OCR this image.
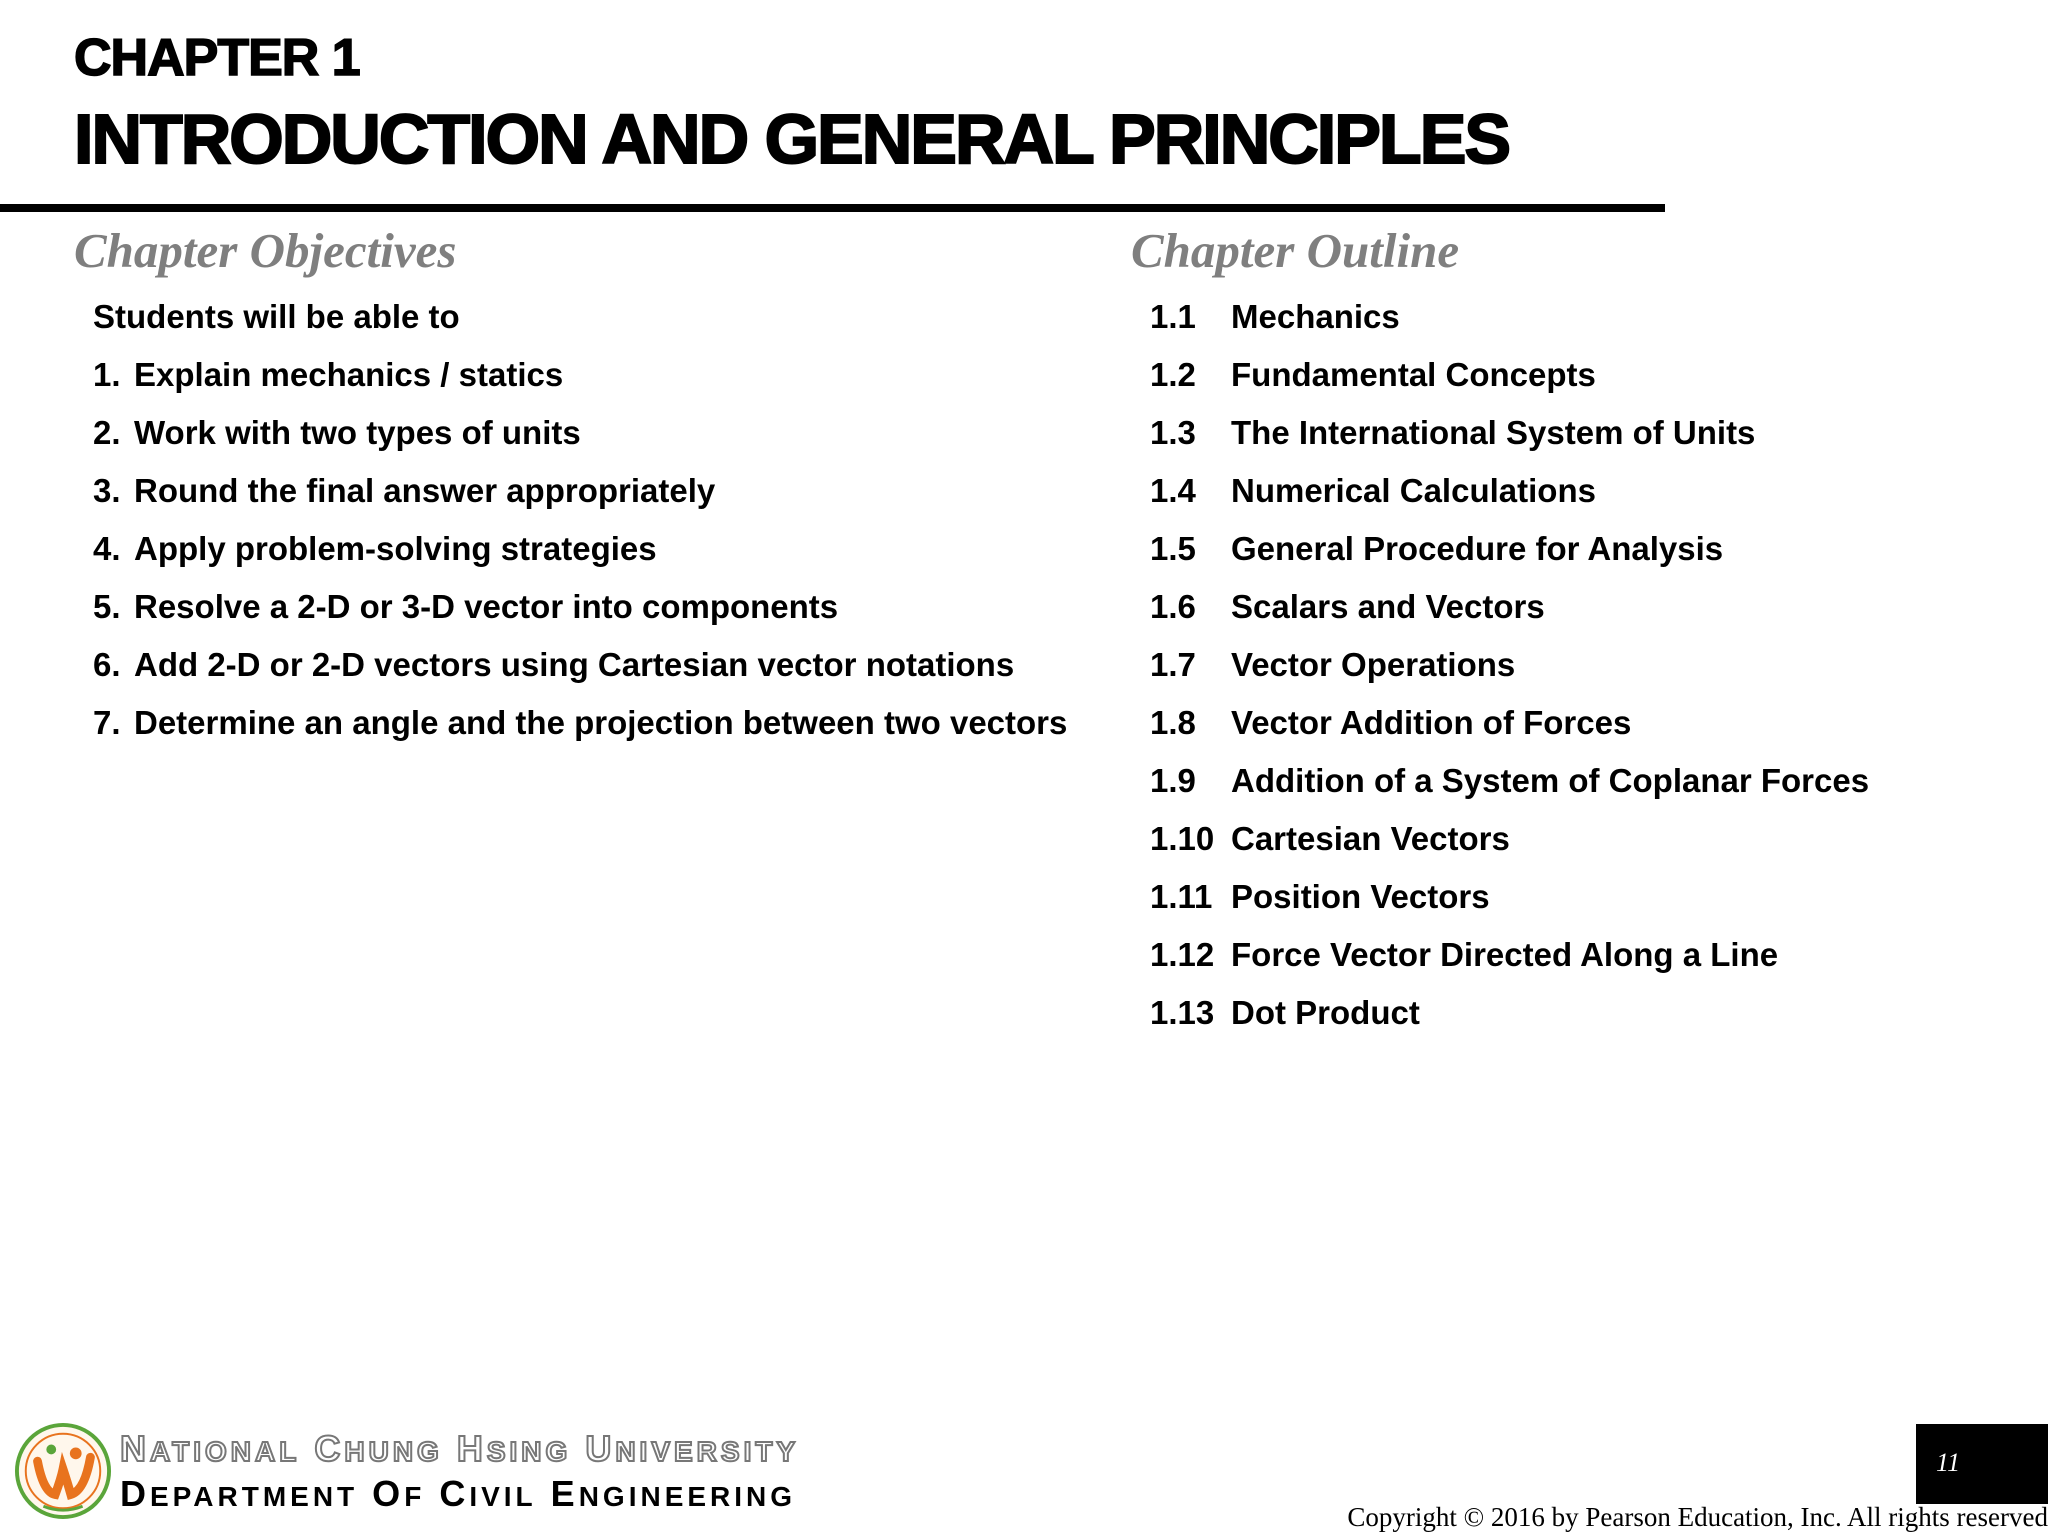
CHAPTER 1
INTRODUCTION AND GENERAL PRINCIPLES
Chapter Objectives
Students will be able to
1. Explain mechanics / statics
2. Work with two types of units
3. Round the final answer appropriately
4. Apply problem-solving strategies
5. Resolve a 2-D or 3-D vector into components
6. Add 2-D or 2-D vectors using Cartesian vector notations
7. Determine an angle and the projection between two vectors
Chapter Outline
1.1 Mechanics
1.2 Fundamental Concepts
1.3 The International System of Units
1.4 Numerical Calculations
1.5 General Procedure for Analysis
1.6 Scalars and Vectors
1.7 Vector Operations
1.8 Vector Addition of Forces
1.9 Addition of a System of Coplanar Forces
1.10 Cartesian Vectors
1.11 Position Vectors
1.12 Force Vector Directed Along a Line
1.13 Dot Product
NATIONAL CHUNG HSING UNIVERSITY
DEPARTMENT OF CIVIL ENGINEERING
11
Copyright © 2016 by Pearson Education, Inc. All rights reserved
